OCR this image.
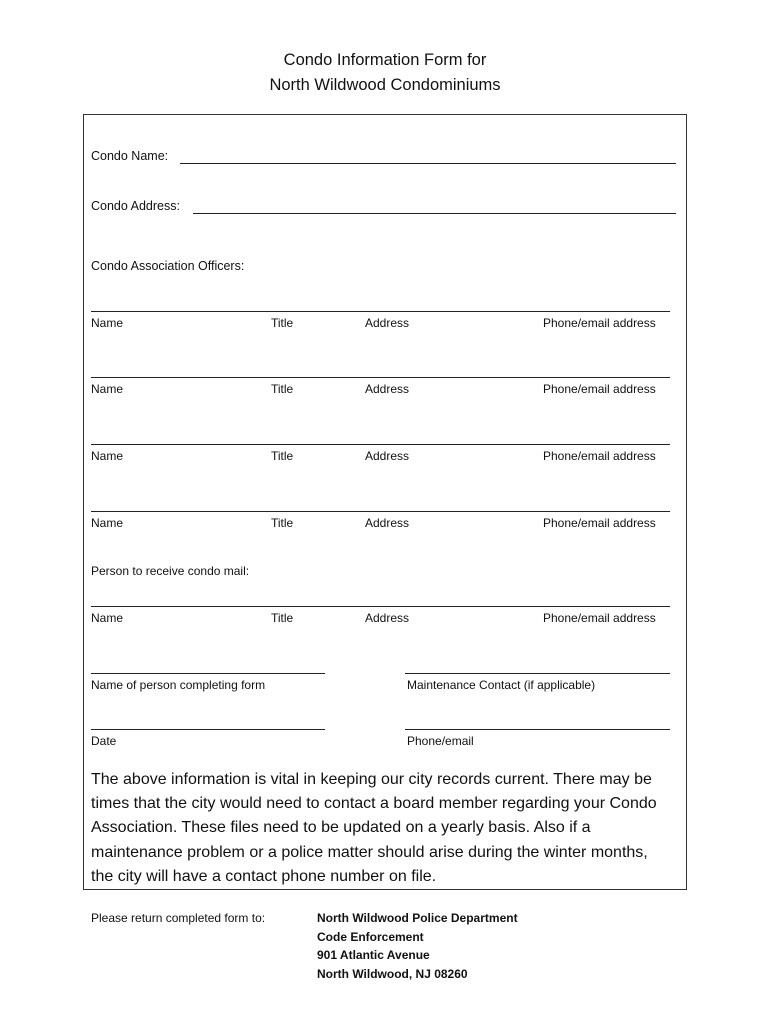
Condo Information Form for
North Wildwood Condominiums
Condo Name:
Condo Address:
Condo Association Officers:
Name	Title	Address	Phone/email address
Name	Title	Address	Phone/email address
Name	Title	Address	Phone/email address
Name	Title	Address	Phone/email address
Person to receive condo mail:
Name	Title	Address	Phone/email address
Name of person completing form	Maintenance Contact (if applicable)
Date	Phone/email
The above information is vital in keeping our city records current. There may be
times that the city would need to contact a board member regarding your Condo
Association. These files need to be updated on a yearly basis. Also if a
maintenance problem or a police matter should arise during the winter months,
the city will have a contact phone number on file.
Please return completed form to:	North Wildwood Police Department
Code Enforcement
901 Atlantic Avenue
North Wildwood, NJ 08260
